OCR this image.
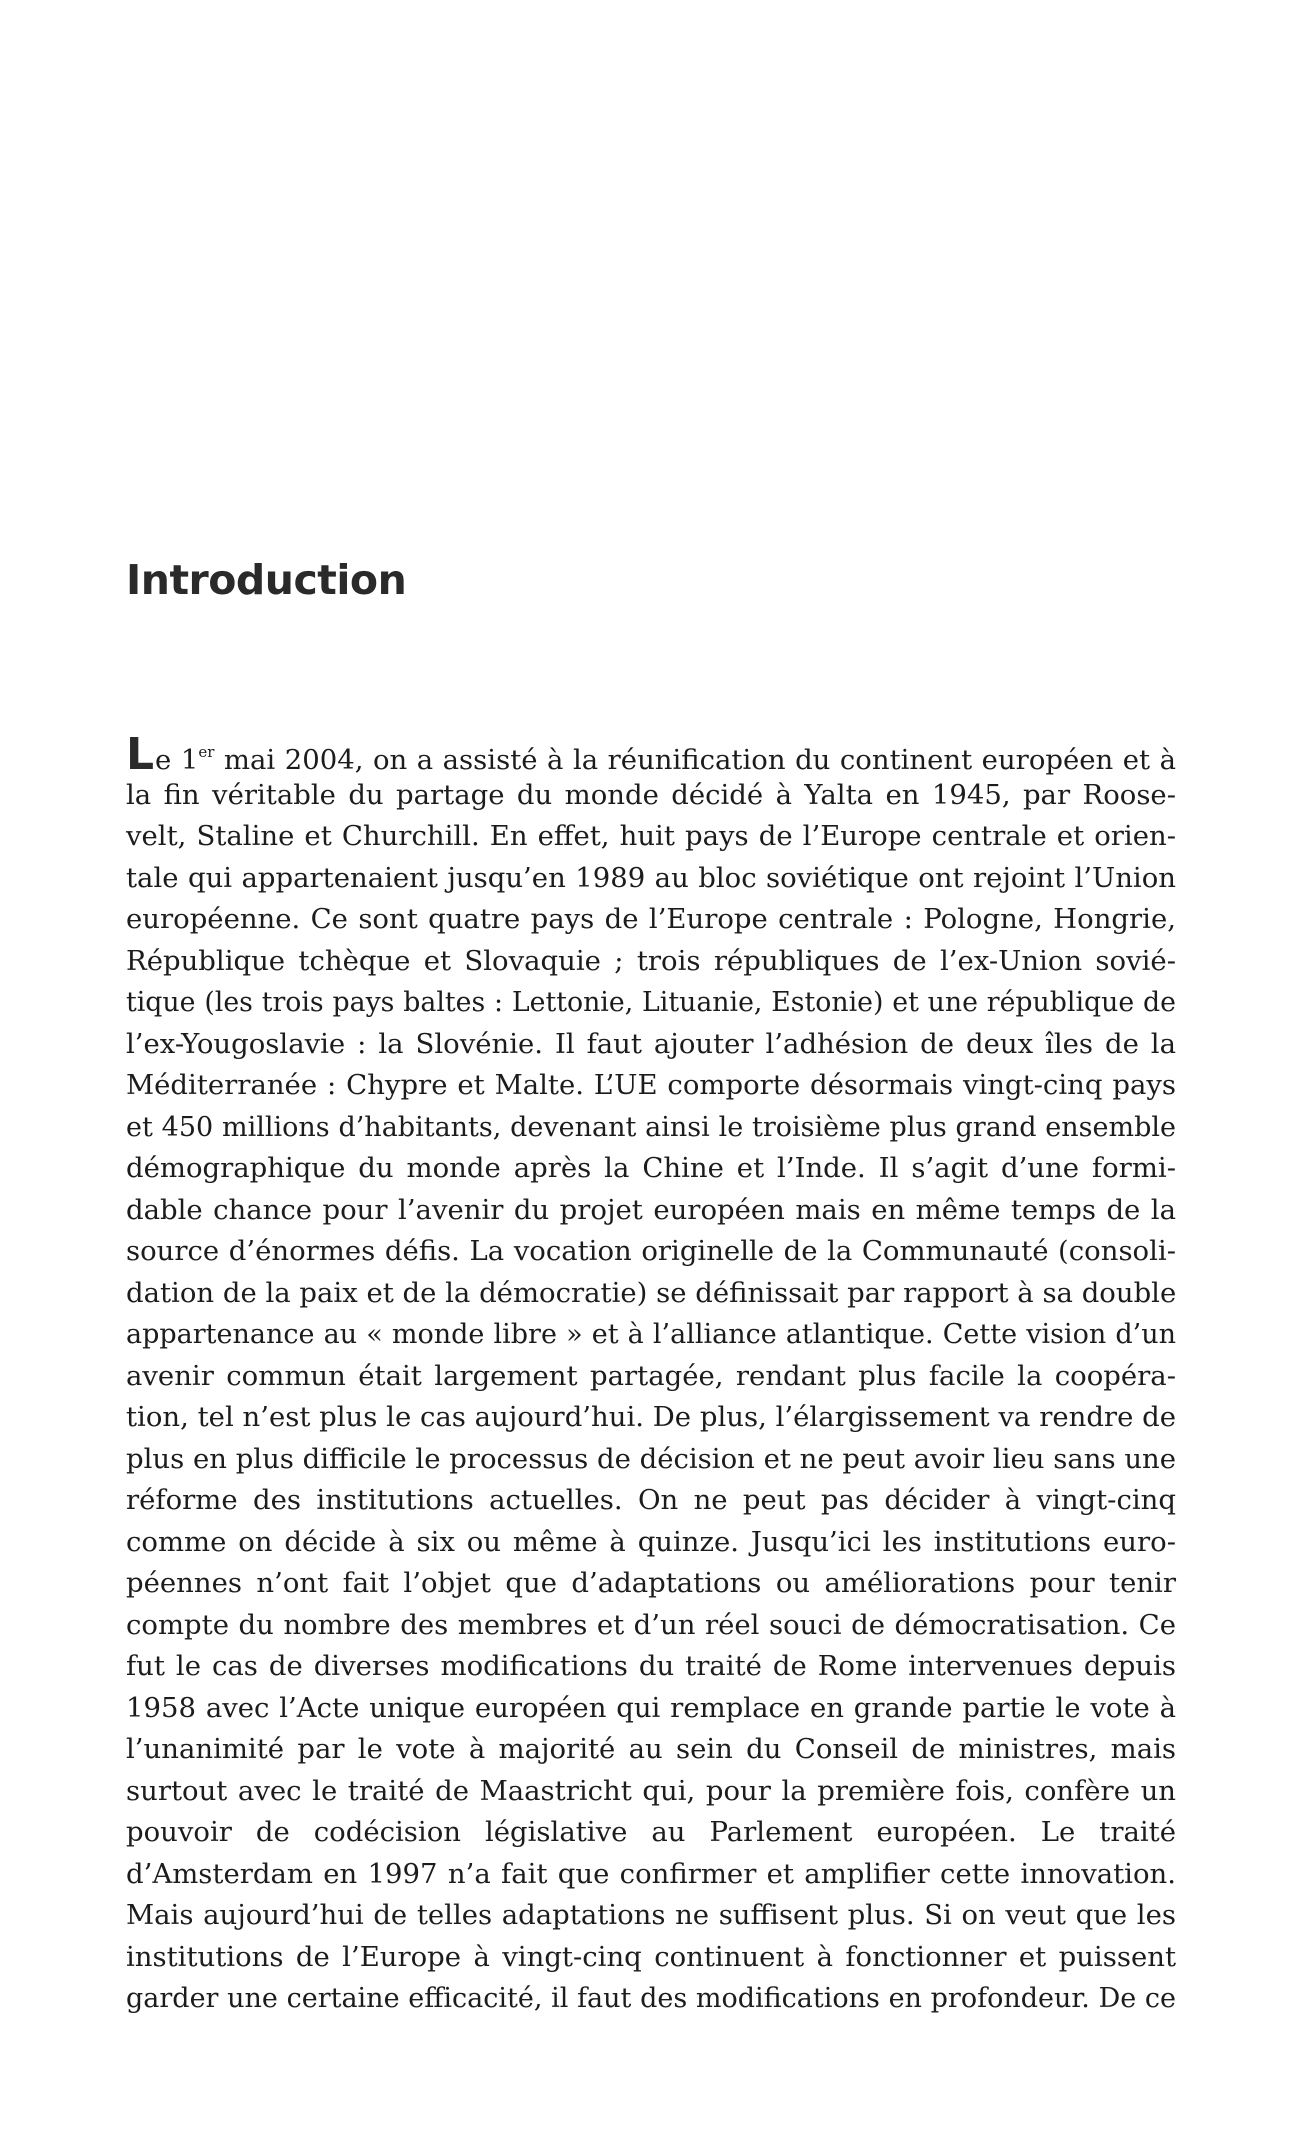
Introduction
Le 1er mai 2004, on a assisté à la réunification du continent européen et à
la fin véritable du partage du monde décidé à Yalta en 1945, par Roose-
velt, Staline et Churchill. En effet, huit pays de l’Europe centrale et orien-
tale qui appartenaient jusqu’en 1989 au bloc soviétique ont rejoint l’Union
européenne. Ce sont quatre pays de l’Europe centrale : Pologne, Hongrie,
République tchèque et Slovaquie ; trois républiques de l’ex-Union sovié-
tique (les trois pays baltes : Lettonie, Lituanie, Estonie) et une république de
l’ex-Yougoslavie : la Slovénie. Il faut ajouter l’adhésion de deux îles de la
Méditerranée : Chypre et Malte. L’UE comporte désormais vingt-cinq pays
et 450 millions d’habitants, devenant ainsi le troisième plus grand ensemble
démographique du monde après la Chine et l’Inde. Il s’agit d’une formi-
dable chance pour l’avenir du projet européen mais en même temps de la
source d’énormes défis. La vocation originelle de la Communauté (consoli-
dation de la paix et de la démocratie) se définissait par rapport à sa double
appartenance au « monde libre » et à l’alliance atlantique. Cette vision d’un
avenir commun était largement partagée, rendant plus facile la coopéra-
tion, tel n’est plus le cas aujourd’hui. De plus, l’élargissement va rendre de
plus en plus difficile le processus de décision et ne peut avoir lieu sans une
réforme des institutions actuelles. On ne peut pas décider à vingt-cinq
comme on décide à six ou même à quinze. Jusqu’ici les institutions euro-
péennes n’ont fait l’objet que d’adaptations ou améliorations pour tenir
compte du nombre des membres et d’un réel souci de démocratisation. Ce
fut le cas de diverses modifications du traité de Rome intervenues depuis
1958 avec l’Acte unique européen qui remplace en grande partie le vote à
l’unanimité par le vote à majorité au sein du Conseil de ministres, mais
surtout avec le traité de Maastricht qui, pour la première fois, confère un
pouvoir de codécision législative au Parlement européen. Le traité
d’Amsterdam en 1997 n’a fait que confirmer et amplifier cette innovation.
Mais aujourd’hui de telles adaptations ne suffisent plus. Si on veut que les
institutions de l’Europe à vingt-cinq continuent à fonctionner et puissent
garder une certaine efficacité, il faut des modifications en profondeur. De ce
